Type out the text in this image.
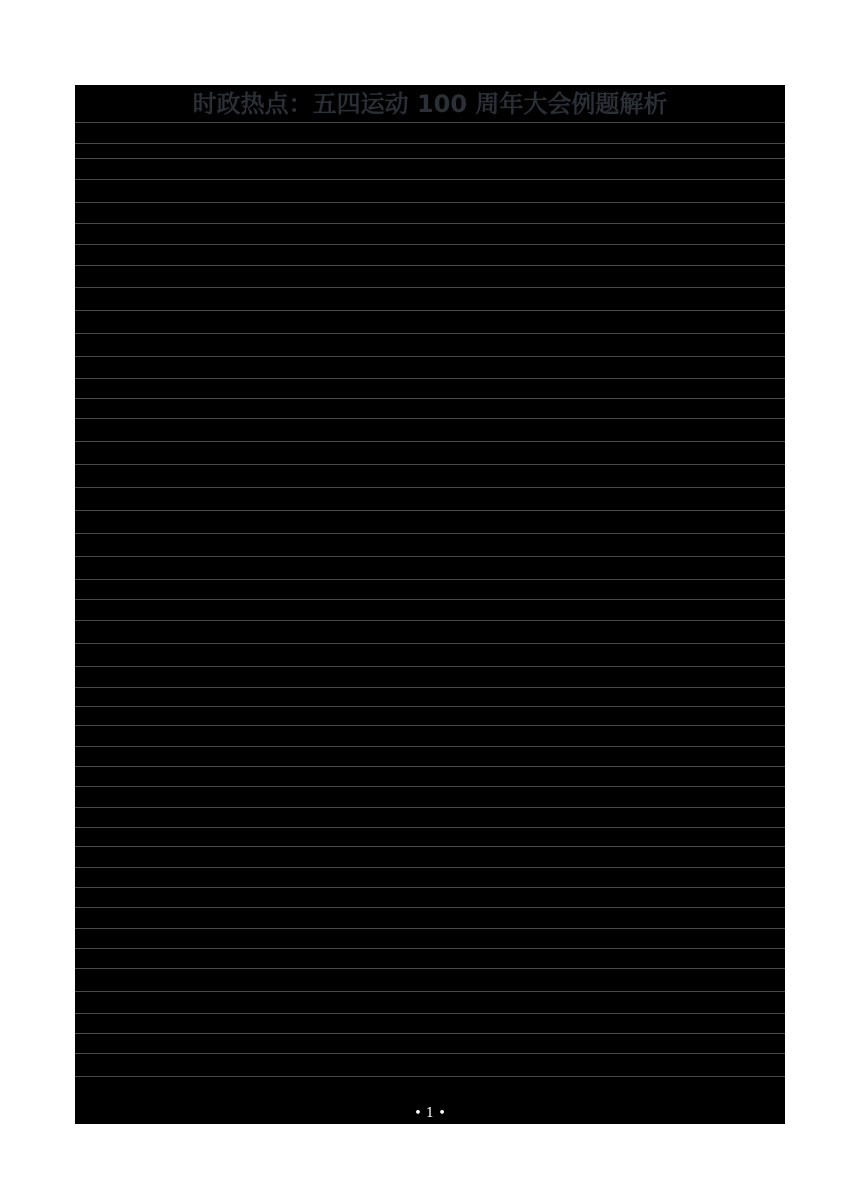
时政热点：五四运动 100 周年大会例题解析
2019 年是“五四运动”100 周年。五四精神是五四运动创造的宝贵精神财富，内涵是爱国、
进步、民主、科学，核心是爱国主义。据此回答 1～3 题。
1. 下列对爱国主义的认识错误的是（ ）
A. 爱国主义是抽象的，是对自己的祖国的一种感觉
B. 爱国主义是动员和鼓舞中国人民团结奋斗的一面旗帜
C. 在当代中国，爱国主义的主题是发展中国特色社会主义，拥护祖国统一
D. 不同的时代，爱国主义的具体内涵是不同的
2. 五四精神是中华民族精神的突出表现，弘扬中华民族精神，这就要求我们做到（ ）
①立足中国特色社会主义的伟大实践
②继承和发扬中华民族的优良传统
③坚持文化多元并行，面向世界博采众长
④注入以改革创新为核心的时代精神
A.①②③ B.②③④
C.①②④ D.①③④
3.“五四运动”是一场由青年学生发起的反帝、反封建的爱国运动。爱国、进步、民主、科学
的五四精神是中国青年学生探求人生道路上的宝贵精神财富和力量源泉，也助力着今天富
强、民主、文明、和谐、美丽的中国梦的实现。材料说明（ ）
①青年学生可以充分发挥主观能动性突破规律的制约去追求理想的个人生活
②意识活动具有直接现实性，五四精神能指引中国青年学生实现人生的梦想
③认识对实践具有反作用，五四精神的弘扬对中国梦的实现有着重要的作用
④实践活动具有能动性，五四运动是爱国人士有目的、有意识的爱国行为
A.①② B.①③
C.②④ D.③④
4. 习近平总书记强调，要加强对五四运动史料和文物收集、整理、保护，为后人继承和发
扬五四精神留下历史记忆。对此，下列解释正确的是（ ）
①五四运动史料和文物是五四运动的重要见证
• 1 •
